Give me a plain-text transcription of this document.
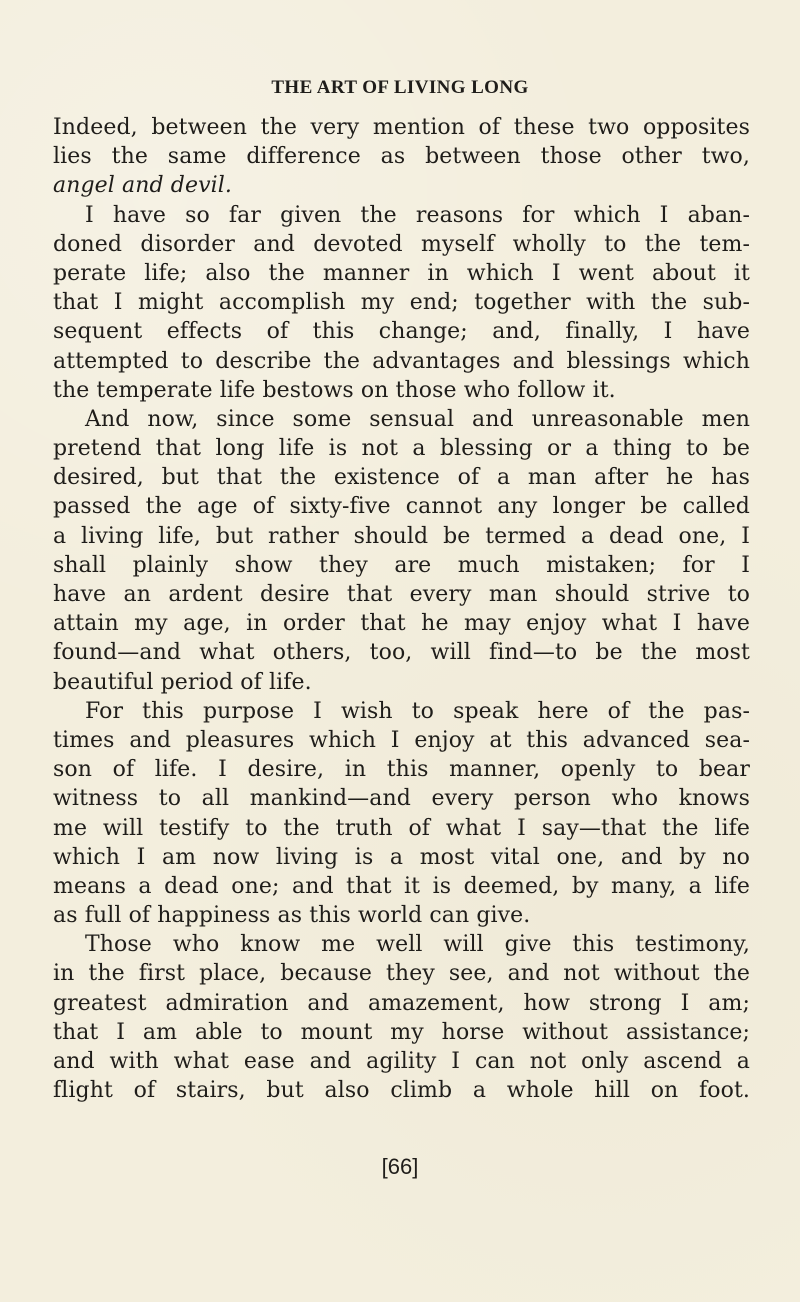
THE ART OF LIVING LONG
Indeed, between the very mention of these two opposites
lies the same difference as between those other two,
angel and devil.
I have so far given the reasons for which I aban-
doned disorder and devoted myself wholly to the tem-
perate life; also the manner in which I went about it
that I might accomplish my end; together with the sub-
sequent effects of this change; and, finally, I have
attempted to describe the advantages and blessings which
the temperate life bestows on those who follow it.
And now, since some sensual and unreasonable men
pretend that long life is not a blessing or a thing to be
desired, but that the existence of a man after he has
passed the age of sixty-five cannot any longer be called
a living life, but rather should be termed a dead one, I
shall plainly show they are much mistaken; for I
have an ardent desire that every man should strive to
attain my age, in order that he may enjoy what I have
found—and what others, too, will find—to be the most
beautiful period of life.
For this purpose I wish to speak here of the pas-
times and pleasures which I enjoy at this advanced sea-
son of life. I desire, in this manner, openly to bear
witness to all mankind—and every person who knows
me will testify to the truth of what I say—that the life
which I am now living is a most vital one, and by no
means a dead one; and that it is deemed, by many, a life
as full of happiness as this world can give.
Those who know me well will give this testimony,
in the first place, because they see, and not without the
greatest admiration and amazement, how strong I am;
that I am able to mount my horse without assistance;
and with what ease and agility I can not only ascend a
flight of stairs, but also climb a whole hill on foot.
[66]
